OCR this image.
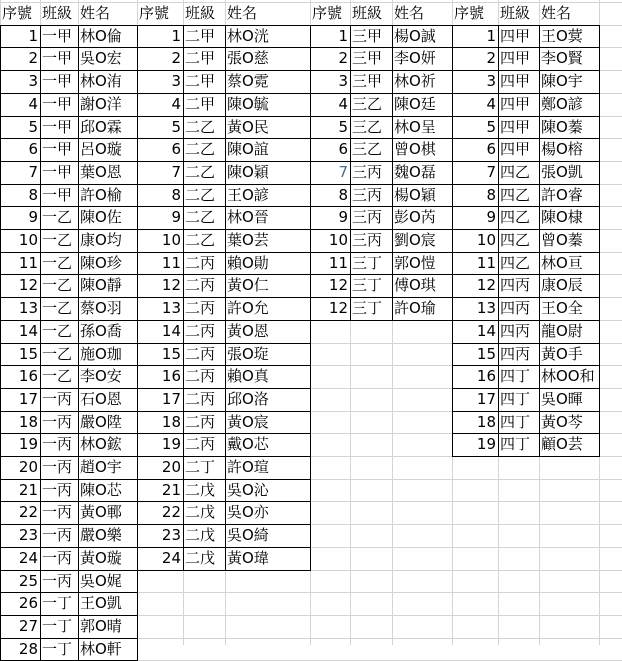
序號 班級 姓名	序號	班級 姓名	序號 班級 姓名	序號	班級 姓名
1 一甲 林O倫
2 一甲 吳O宏
3 一甲 林O洧
4 一甲 謝O洋
5 一甲 邱O霖
6 一甲 呂O璇
7 一甲 葉O恩
8 一甲 許O榆
9 一乙 陳O佐
10 一乙 康O均
11 一乙 陳O珍
12 一乙 陳O靜
13 一乙 蔡O羽
14 一乙 孫O喬
15 一乙 施O珈
16 一乙 李O安
17 一丙 石O恩
18 一丙 嚴O陞
19 一丙 林O鋐
20 一丙 趙O宇
21 一丙 陳O芯
22 一丙 黃O鄆
23 一丙 嚴O樂
24 一丙 黃O璇
25 一丙 吳O娓
26 一丁 王O凱
27 一丁 郭O晴
28 一丁 林O軒
1 二甲 林O洸
2 二甲 張O慈
3 二甲 蔡O霓
4 二甲 陳O毓
5 二乙 黃O民
6 二乙 陳O誼
7 二乙 陳O穎
8 二乙 王O諺
9 二乙 林O晉
10 二乙 葉O芸
11 二丙 賴O勛
12 二丙 黃O仁
13 二丙 許O允
14 二丙 黃O恩
15 二丙 張O琁
16 二丙 賴O真
17 二丙 邱O洛
18 二丙 黃O宸
19 二丙 戴O芯
20 二丁 許O瑄
21 二戊 吳O沁
22 二戊 吳O亦
23 二戊 吳O綺
24 二戊 黃O瑋
1 三甲 楊O誠
2 三甲 李O妍
3 三甲 林O祈
4 三乙 陳O廷
5 三乙 林O呈
6 三乙 曾O棋
7 三丙 魏O磊
8 三丙 楊O穎
9 三丙 彭O芮
10 三丙 劉O宸
11 三丁 郭O愷
12 三丁 傅O琪
12 三丁 許O瑜
1 四甲 王O蓂
2 四甲 李O賢
3 四甲 陳O宇
4 四甲 鄭O諺
5 四甲 陳O蓁
6 四甲 楊O榕
7 四乙 張O凱
8 四乙 許O睿
9 四乙 陳O棣
10 四乙 曾O蓁
11 四乙 林O亘
12 四丙 康O辰
13 四丙 王O全
14 四丙 龍O尉
15 四丙 黃O手
16 四丁 林OO和
17 四丁 吳O暉
18 四丁 黃O芩
19 四丁 顧O芸
